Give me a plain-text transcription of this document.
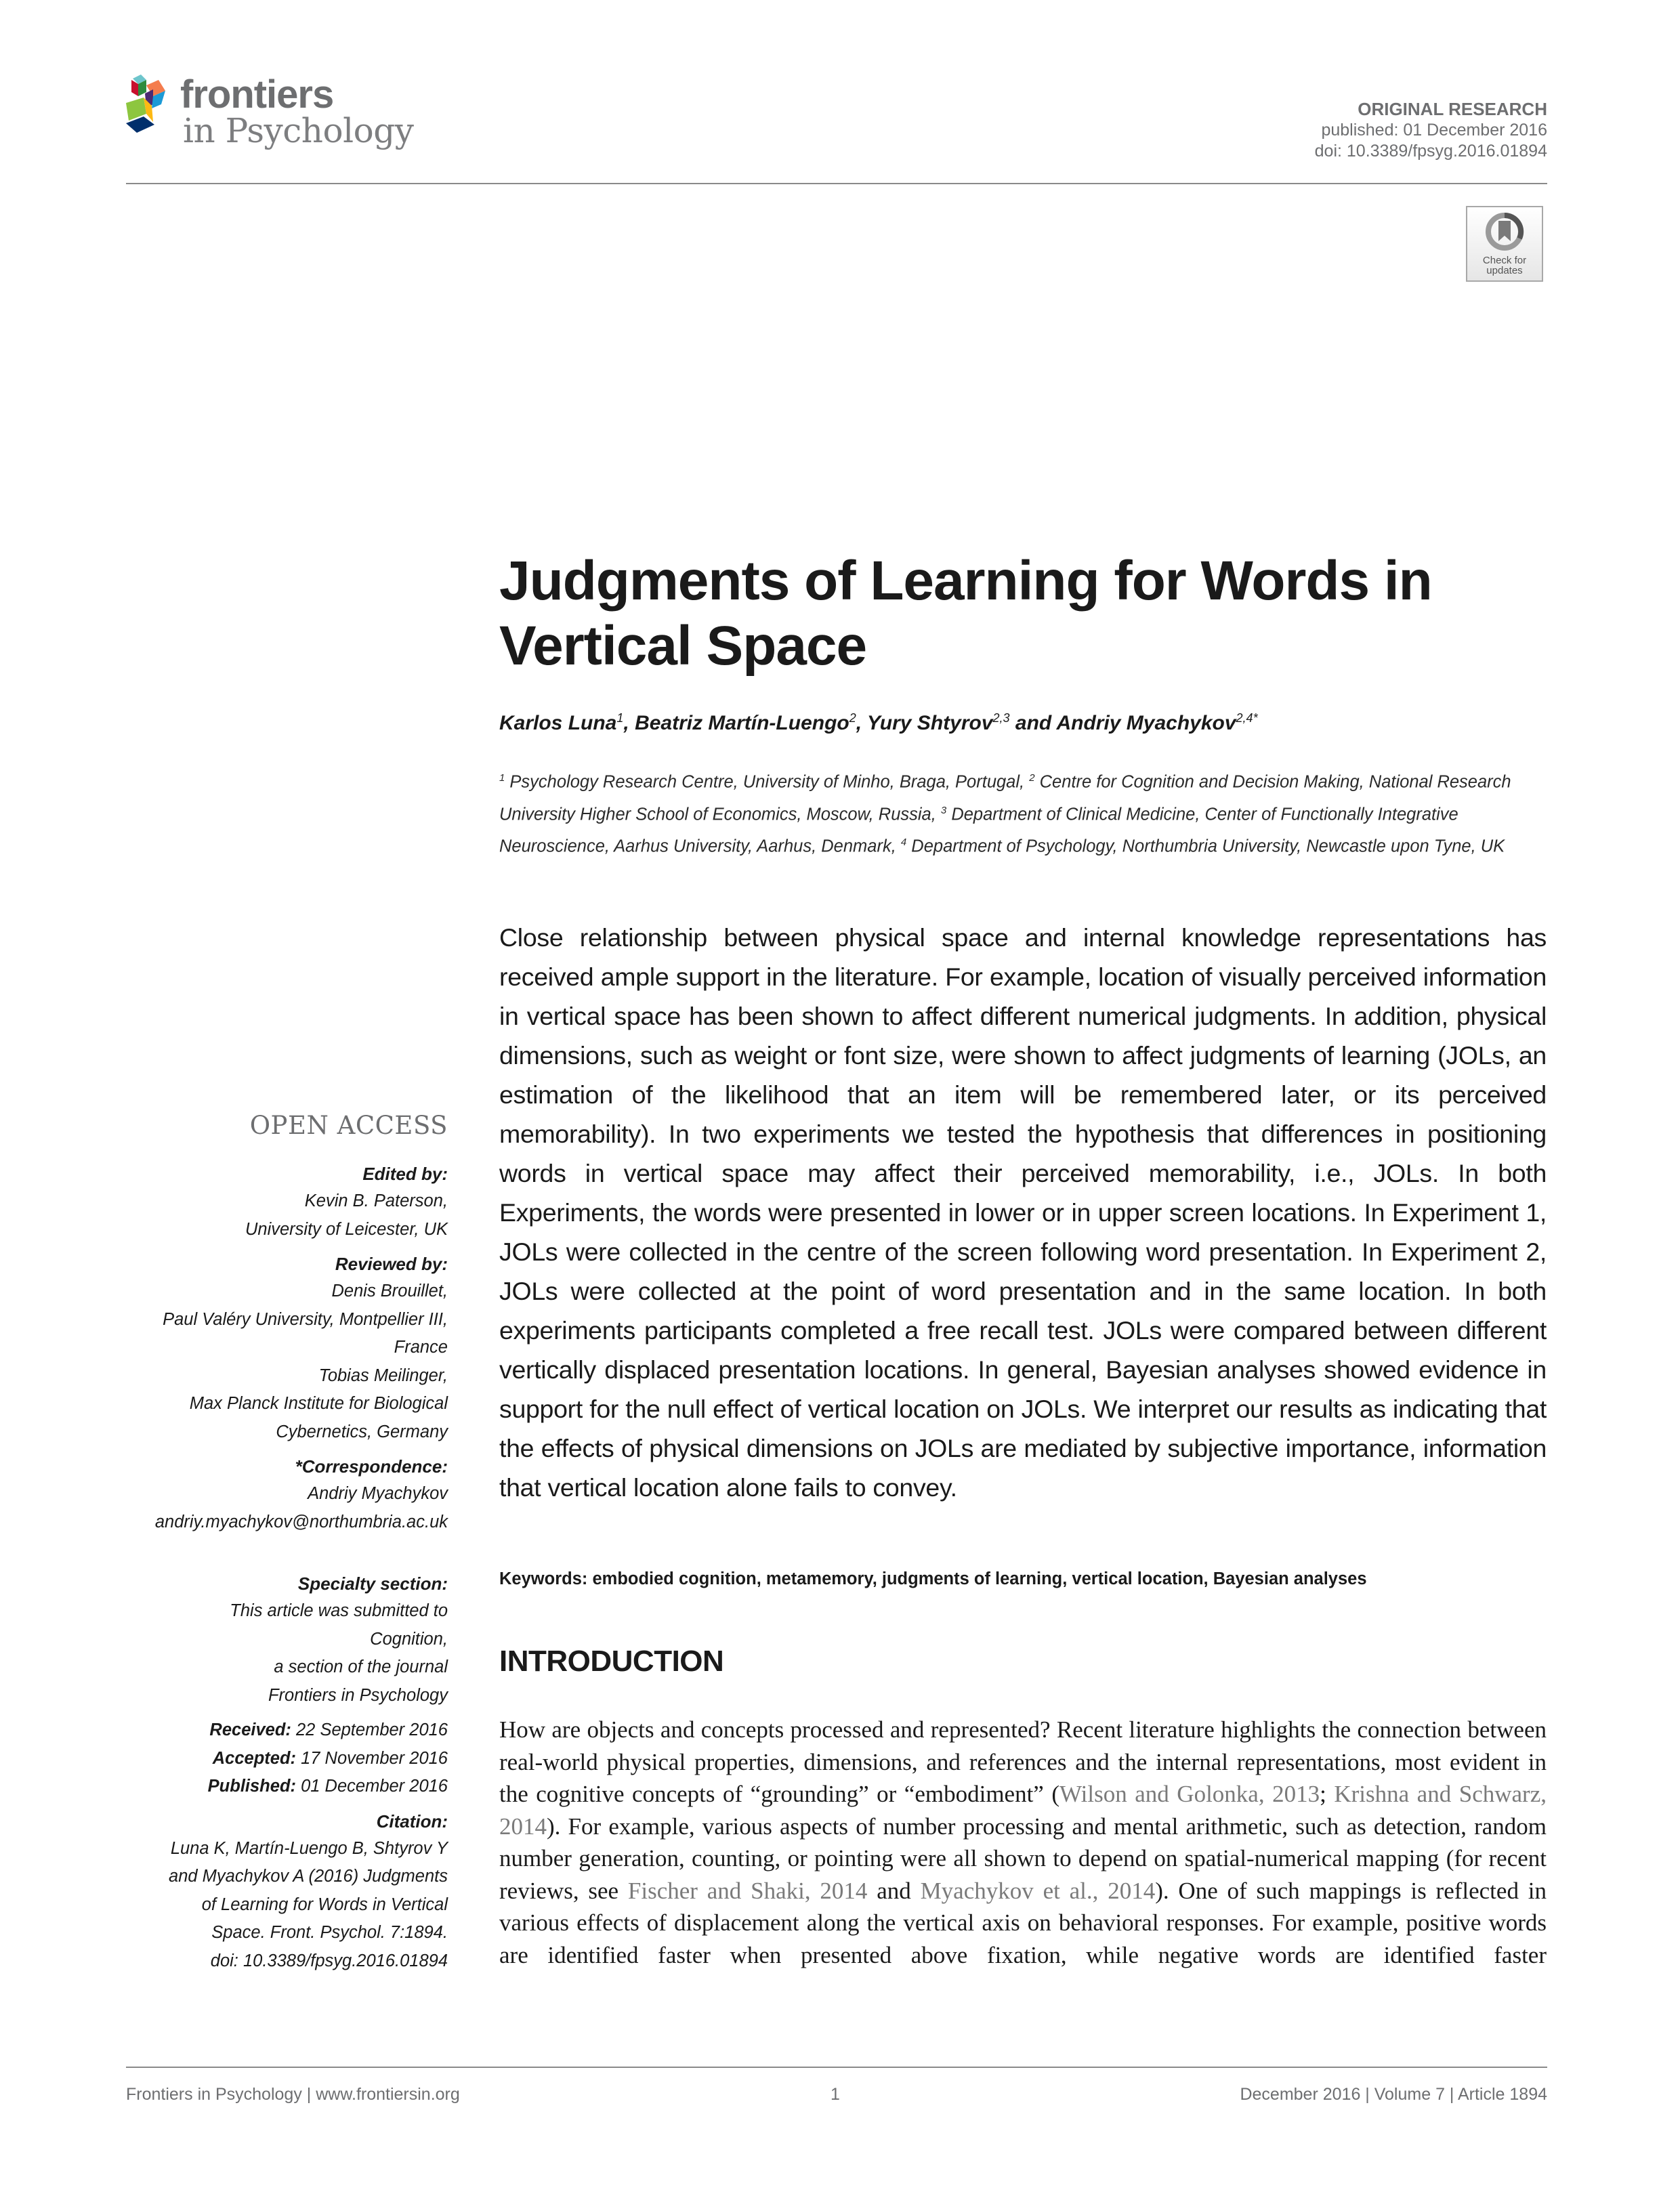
frontiers
in Psychology
ORIGINAL RESEARCH
published: 01 December 2016
doi: 10.3389/fpsyg.2016.01894
Check for
updates
Judgments of Learning for Words in Vertical Space
Karlos Luna$^1$, Beatriz Martín-Luengo$^2$, Yury Shtyrov$^{2,3}$ and Andriy Myachykov$^{2,4*}$
$^1$ Psychology Research Centre, University of Minho, Braga, Portugal, $^2$ Centre for Cognition and Decision Making, National Research University Higher School of Economics, Moscow, Russia, $^3$ Department of Clinical Medicine, Center of Functionally Integrative Neuroscience, Aarhus University, Aarhus, Denmark, $^4$ Department of Psychology, Northumbria University, Newcastle upon Tyne, UK

Close relationship between physical space and internal knowledge representations has received ample support in the literature. For example, location of visually perceived information in vertical space has been shown to affect different numerical judgments. In addition, physical dimensions, such as weight or font size, were shown to affect judgments of learning (JOLs, an estimation of the likelihood that an item will be remembered later, or its perceived memorability). In two experiments we tested the hypothesis that differences in positioning words in vertical space may affect their perceived memorability, i.e., JOLs. In both Experiments, the words were presented in lower or in upper screen locations. In Experiment 1, JOLs were collected in the centre of the screen following word presentation. In Experiment 2, JOLs were collected at the point of word presentation and in the same location. In both experiments participants completed a free recall test. JOLs were compared between different vertically displaced presentation locations. In general, Bayesian analyses showed evidence in support for the null effect of vertical location on JOLs. We interpret our results as indicating that the effects of physical dimensions on JOLs are mediated by subjective importance, information that vertical location alone fails to convey.

Keywords: embodied cognition, metamemory, judgments of learning, vertical location, Bayesian analyses
INTRODUCTION

How are objects and concepts processed and represented? Recent literature highlights the connection between real-world physical properties, dimensions, and references and the internal representations, most evident in the cognitive concepts of “grounding” or “embodiment” (Wilson and Golonka, 2013; Krishna and Schwarz, 2014). For example, various aspects of number processing and mental arithmetic, such as detection, random number generation, counting, or pointing were all shown to depend on spatial-numerical mapping (for recent reviews, see Fischer and Shaki, 2014 and Myachykov et al., 2014). One of such mappings is reflected in various effects of displacement along the vertical axis on behavioral responses. For example, positive words are identified faster when presented above fixation, while negative words are identified faster

OPEN ACCESS
Edited by:
Kevin B. Paterson,
University of Leicester, UK
Reviewed by:
Denis Brouillet,
Paul Valéry University, Montpellier III,
France
Tobias Meilinger,
Max Planck Institute for Biological
Cybernetics, Germany
*Correspondence:
Andriy Myachykov
andriy.myachykov@northumbria.ac.uk
Specialty section:
This article was submitted to
Cognition,
a section of the journal
Frontiers in Psychology
Received: 22 September 2016
Accepted: 17 November 2016
Published: 01 December 2016
Citation:
Luna K, Martín-Luengo B, Shtyrov Y
and Myachykov A (2016) Judgments
of Learning for Words in Vertical
Space. Front. Psychol. 7:1894.
doi: 10.3389/fpsyg.2016.01894
Frontiers in Psychology | www.frontiersin.org	1	December 2016 | Volume 7 | Article 1894
